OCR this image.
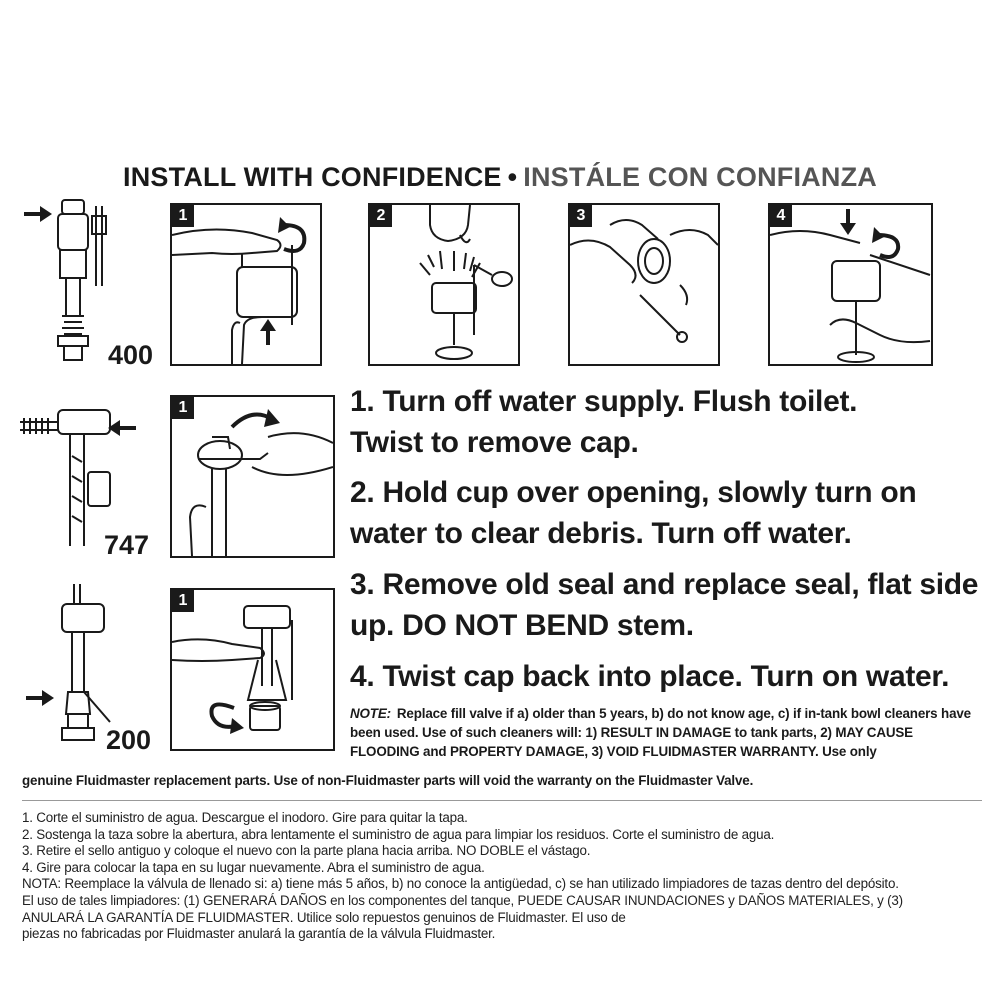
INSTALL WITH CONFIDENCE • INSTÁLE CON CONFIANZA
400
1	2	3	4
747
1
200
1
1. Turn off water supply. Flush toilet.
Twist to remove cap.
2. Hold cup over opening, slowly turn on
water to clear debris. Turn off water.
3. Remove old seal and replace seal, flat side
up. DO NOT BEND stem.
4. Twist cap back into place. Turn on water.
NOTE: Replace fill valve if a) older than 5 years, b) do not know age, c) if in-tank bowl cleaners have been used. Use of such cleaners will: 1) RESULT IN DAMAGE to tank parts, 2) MAY CAUSE FLOODING and PROPERTY DAMAGE, 3) VOID FLUIDMASTER WARRANTY. Use only
genuine Fluidmaster replacement parts. Use of non-Fluidmaster parts will void the warranty on the Fluidmaster Valve.
1. Corte el suministro de agua. Descargue el inodoro. Gire para quitar la tapa.
2. Sostenga la taza sobre la abertura, abra lentamente el suministro de agua para limpiar los residuos. Corte el suministro de agua.
3. Retire el sello antiguo y coloque el nuevo con la parte plana hacia arriba. NO DOBLE el vástago.
4. Gire para colocar la tapa en su lugar nuevamente. Abra el suministro de agua.
NOTA: Reemplace la válvula de llenado si: a) tiene más 5 años, b) no conoce la antigüedad, c) se han utilizado limpiadores de tazas dentro del depósito.
El uso de tales limpiadores: (1) GENERARÁ DAÑOS en los componentes del tanque, PUEDE CAUSAR INUNDACIONES y DAÑOS MATERIALES, y (3)
ANULARÁ LA GARANTÍA DE FLUIDMASTER. Utilice solo repuestos genuinos de Fluidmaster. El uso de
piezas no fabricadas por Fluidmaster anulará la garantía de la válvula Fluidmaster.
